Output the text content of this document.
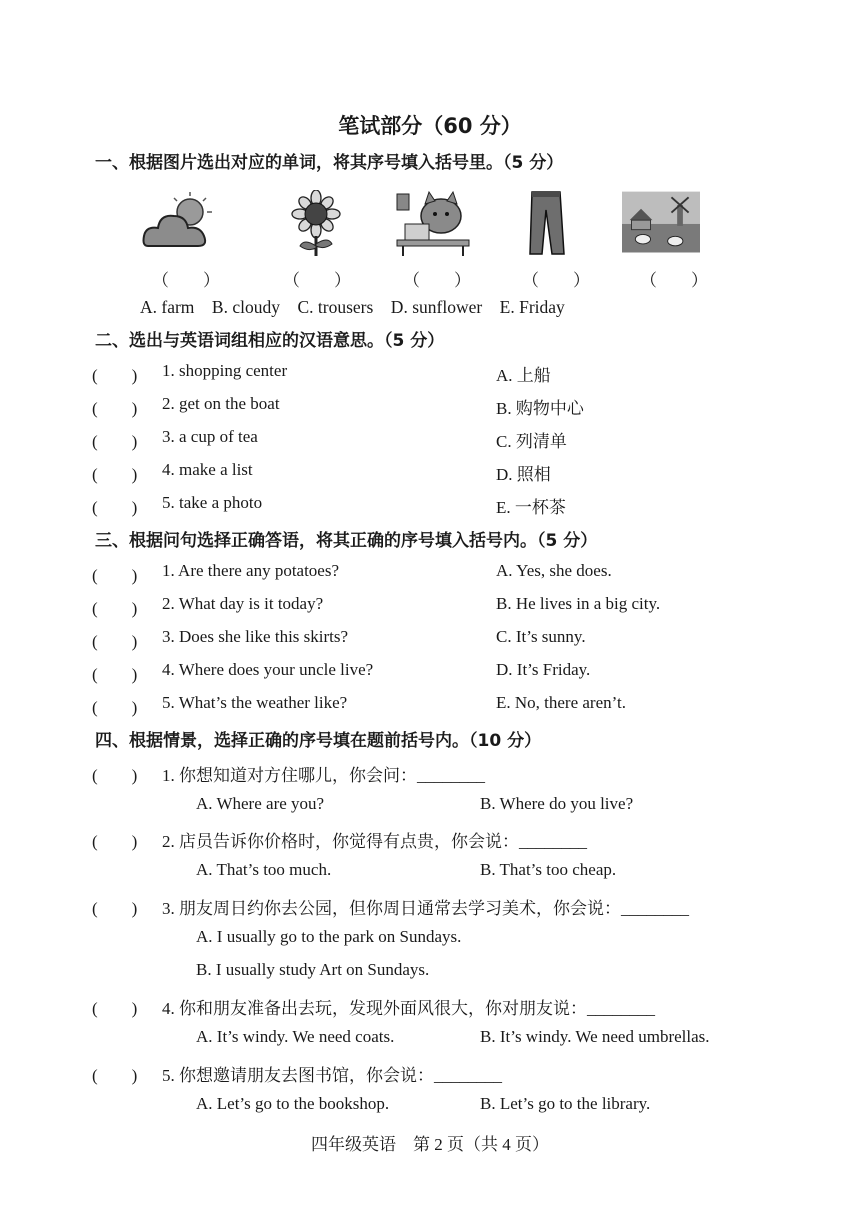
笔试部分（60 分）
一、根据图片选出对应的单词，将其序号填入括号里。（5 分）
（　　）	（　　）	（　　）	（　　）	（　　）
A. farm　B. cloudy　C. trousers　D. sunflower　E. Friday
二、选出与英语词组相应的汉语意思。（5 分）
(　　) 1. shopping center	A. 上船
(　　) 2. get on the boat	B. 购物中心
(　　) 3. a cup of tea	C. 列清单
(　　) 4. make a list	D. 照相
(　　) 5. take a photo	E. 一杯茶
三、根据问句选择正确答语，将其正确的序号填入括号内。（5 分）
(　　) 1. Are there any potatoes?	A. Yes, she does.
(　　) 2. What day is it today?	B. He lives in a big city.
(　　) 3. Does she like this skirts?	C. It’s sunny.
(　　) 4. Where does your uncle live?	D. It’s Friday.
(　　) 5. What’s the weather like?	E. No, there aren’t.
四、根据情景，选择正确的序号填在题前括号内。（10 分）
(　　) 1. 你想知道对方住哪儿，你会问：________
A. Where are you?	B. Where do you live?
(　　) 2. 店员告诉你价格时，你觉得有点贵，你会说：________
A. That’s too much.	B. That’s too cheap.
(　　) 3. 朋友周日约你去公园，但你周日通常去学习美术，你会说：________
A. I usually go to the park on Sundays.
B. I usually study Art on Sundays.
(　　) 4. 你和朋友准备出去玩，发现外面风很大，你对朋友说：________
A. It’s windy. We need coats.	B. It’s windy. We need umbrellas.
(　　) 5. 你想邀请朋友去图书馆，你会说：________
A. Let’s go to the bookshop.	B. Let’s go to the library.
四年级英语　第 2 页（共 4 页）
